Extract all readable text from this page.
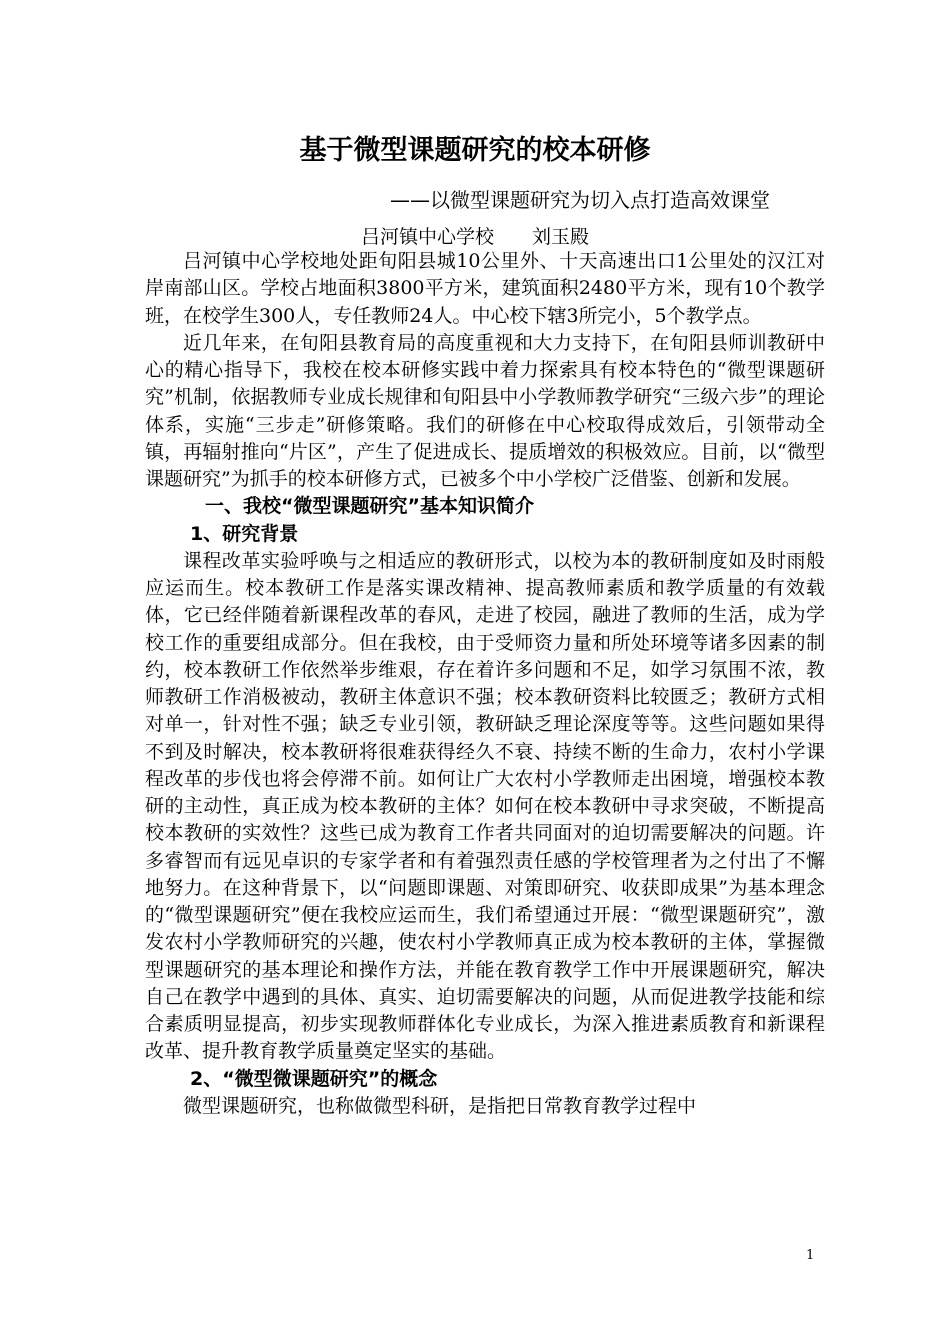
基于微型课题研究的校本研修
——以微型课题研究为切入点打造高效课堂
吕河镇中心学校　　刘玉殿

吕河镇中心学校地处距旬阳县城10公里外、十天高速出口1公里处的汉江对岸南部山区。学校占地面积3800平方米，建筑面积2480平方米，现有10个教学班，在校学生300人，专任教师24人。中心校下辖3所完小，5个教学点。

近几年来，在旬阳县教育局的高度重视和大力支持下，在旬阳县师训教研中心的精心指导下，我校在校本研修实践中着力探索具有校本特色的“微型课题研究”机制，依据教师专业成长规律和旬阳县中小学教师教学研究“三级六步”的理论体系，实施“三步走”研修策略。我们的研修在中心校取得成效后，引领带动全镇，再辐射推向“片区”，产生了促进成长、提质增效的积极效应。目前，以“微型课题研究”为抓手的校本研修方式，已被多个中小学校广泛借鉴、创新和发展。

一、我校“微型课题研究”基本知识简介

1、研究背景

课程改革实验呼唤与之相适应的教研形式，以校为本的教研制度如及时雨般应运而生。校本教研工作是落实课改精神、提高教师素质和教学质量的有效载体，它已经伴随着新课程改革的春风，走进了校园，融进了教师的生活，成为学校工作的重要组成部分。但在我校，由于受师资力量和所处环境等诸多因素的制约，校本教研工作依然举步维艰，存在着许多问题和不足，如学习氛围不浓，教师教研工作消极被动，教研主体意识不强；校本教研资料比较匮乏；教研方式相对单一，针对性不强；缺乏专业引领，教研缺乏理论深度等等。这些问题如果得不到及时解决，校本教研将很难获得经久不衰、持续不断的生命力，农村小学课程改革的步伐也将会停滞不前。如何让广大农村小学教师走出困境，增强校本教研的主动性，真正成为校本教研的主体？如何在校本教研中寻求突破，不断提高校本教研的实效性？这些已成为教育工作者共同面对的迫切需要解决的问题。许多睿智而有远见卓识的专家学者和有着强烈责任感的学校管理者为之付出了不懈地努力。在这种背景下，以“问题即课题、对策即研究、收获即成果”为基本理念的“微型课题研究”便在我校应运而生，我们希望通过开展：“微型课题研究”，激发农村小学教师研究的兴趣，使农村小学教师真正成为校本教研的主体，掌握微型课题研究的基本理论和操作方法，并能在教育教学工作中开展课题研究，解决自己在教学中遇到的具体、真实、迫切需要解决的问题，从而促进教学技能和综合素质明显提高，初步实现教师群体化专业成长，为深入推进素质教育和新课程改革、提升教育教学质量奠定坚实的基础。

2、“微型微课题研究”的概念

微型课题研究，也称做微型科研，是指把日常教育教学过程中

1
